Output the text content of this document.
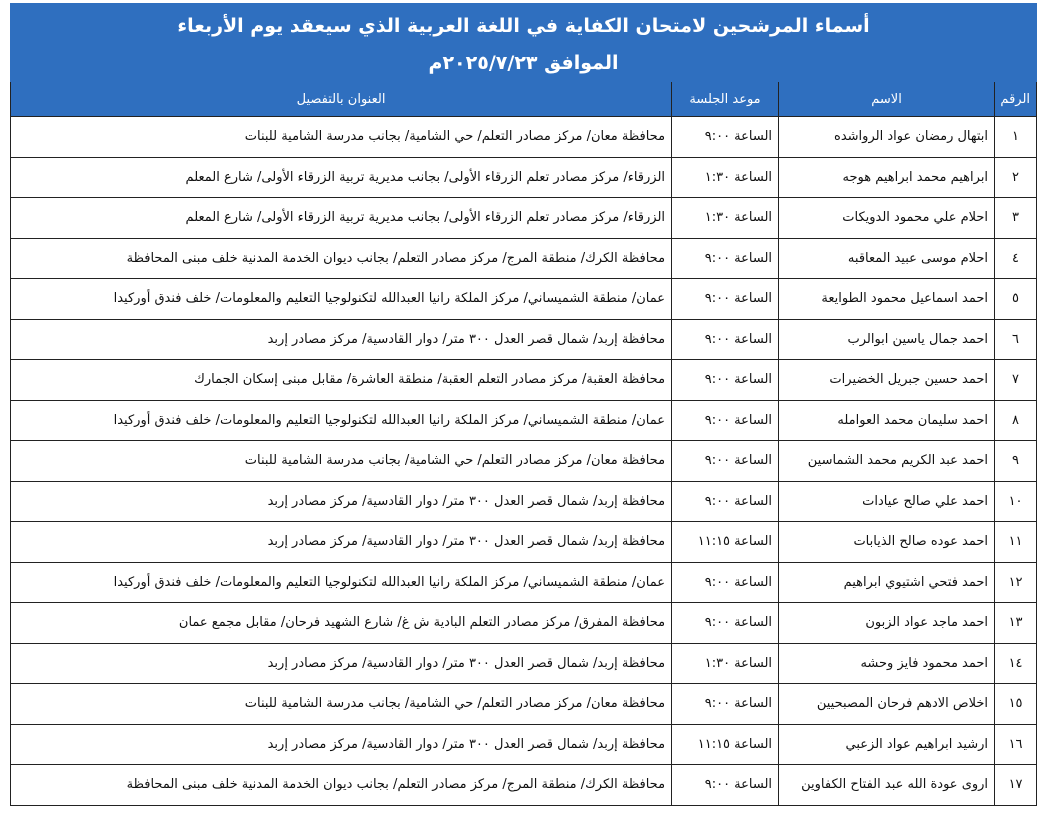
أسماء المرشحين لامتحان الكفاية في اللغة العربية الذي سيعقد يوم الأربعاء			
الموافق ٢٠٢٥/٧/٢٣م			
الرقم	الاسم	موعد الجلسة	العنوان بالتفصيل
١	ابتهال رمضان عواد الرواشده	الساعة ٩:٠٠	محافظة معان/ مركز مصادر التعلم/ حي الشامية/ بجانب مدرسة الشامية للبنات
٢	ابراهيم محمد ابراهيم هوجه	الساعة ١:٣٠	الزرقاء/ مركز مصادر تعلم الزرقاء الأولى/ بجانب مديرية تربية الزرقاء الأولى/ شارع المعلم
٣	احلام علي محمود الدويكات	الساعة ١:٣٠	الزرقاء/ مركز مصادر تعلم الزرقاء الأولى/ بجانب مديرية تربية الزرقاء الأولى/ شارع المعلم
٤	احلام موسى عبيد المعاقبه	الساعة ٩:٠٠	محافظة الكرك/ منطقة المرج/ مركز مصادر التعلم/ بجانب ديوان الخدمة المدنية خلف مبنى المحافظة
٥	احمد اسماعيل محمود الطوايعة	الساعة ٩:٠٠	عمان/ منطقة الشميساني/ مركز الملكة رانيا العبدالله لتكنولوجيا التعليم والمعلومات/ خلف فندق أوركيدا
٦	احمد جمال ياسين ابوالرب	الساعة ٩:٠٠	محافظة إربد/ شمال قصر العدل ٣٠٠ متر/ دوار القادسية/ مركز مصادر إربد
٧	احمد حسين جبريل الخضيرات	الساعة ٩:٠٠	محافظة العقبة/ مركز مصادر التعلم العقبة/ منطقة العاشرة/ مقابل مبنى إسكان الجمارك
٨	احمد سليمان محمد العوامله	الساعة ٩:٠٠	عمان/ منطقة الشميساني/ مركز الملكة رانيا العبدالله لتكنولوجيا التعليم والمعلومات/ خلف فندق أوركيدا
٩	احمد عبد الكريم محمد الشماسين	الساعة ٩:٠٠	محافظة معان/ مركز مصادر التعلم/ حي الشامية/ بجانب مدرسة الشامية للبنات
١٠	احمد علي صالح عيادات	الساعة ٩:٠٠	محافظة إربد/ شمال قصر العدل ٣٠٠ متر/ دوار القادسية/ مركز مصادر إربد
١١	احمد عوده صالح الذيابات	الساعة ١١:١٥	محافظة إربد/ شمال قصر العدل ٣٠٠ متر/ دوار القادسية/ مركز مصادر إربد
١٢	احمد فتحي اشتيوي ابراهيم	الساعة ٩:٠٠	عمان/ منطقة الشميساني/ مركز الملكة رانيا العبدالله لتكنولوجيا التعليم والمعلومات/ خلف فندق أوركيدا
١٣	احمد ماجد عواد الزبون	الساعة ٩:٠٠	محافظة المفرق/ مركز مصادر التعلم البادية ش غ/ شارع الشهيد فرحان/ مقابل مجمع عمان
١٤	احمد محمود فايز وحشه	الساعة ١:٣٠	محافظة إربد/ شمال قصر العدل ٣٠٠ متر/ دوار القادسية/ مركز مصادر إربد
١٥	اخلاص الادهم فرحان المصبحيين	الساعة ٩:٠٠	محافظة معان/ مركز مصادر التعلم/ حي الشامية/ بجانب مدرسة الشامية للبنات
١٦	ارشيد ابراهيم عواد الزعبي	الساعة ١١:١٥	محافظة إربد/ شمال قصر العدل ٣٠٠ متر/ دوار القادسية/ مركز مصادر إربد
١٧	اروى عودة الله عبد الفتاح الكفاوين	الساعة ٩:٠٠	محافظة الكرك/ منطقة المرج/ مركز مصادر التعلم/ بجانب ديوان الخدمة المدنية خلف مبنى المحافظة
